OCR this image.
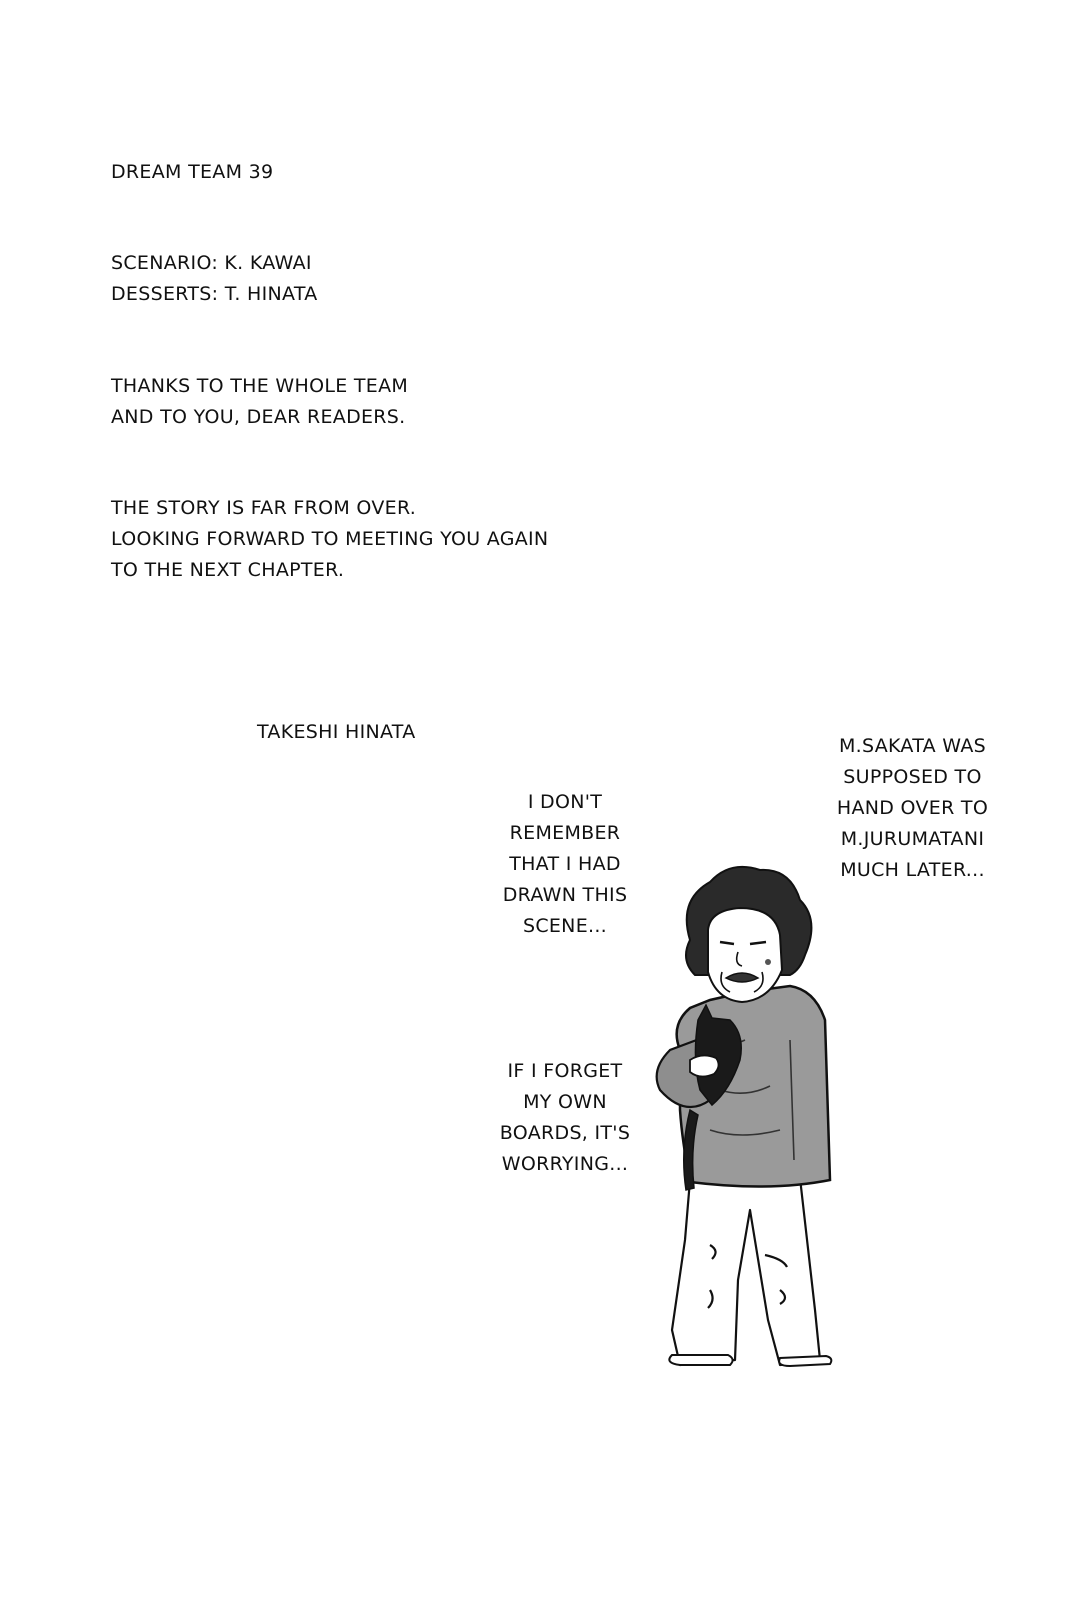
DREAM TEAM 39
SCENARIO: K. KAWAI
DESSERTS: T. HINATA
THANKS TO THE WHOLE TEAM
AND TO YOU, DEAR READERS.
THE STORY IS FAR FROM OVER.
LOOKING FORWARD TO MEETING YOU AGAIN
TO THE NEXT CHAPTER.
TAKESHI HINATA
M.SAKATA WAS
SUPPOSED TO
HAND OVER TO
M.JURUMATANI
MUCH LATER...
I DON'T
REMEMBER
THAT I HAD
DRAWN THIS
SCENE...
IF I FORGET
MY OWN
BOARDS, IT'S
WORRYING...
